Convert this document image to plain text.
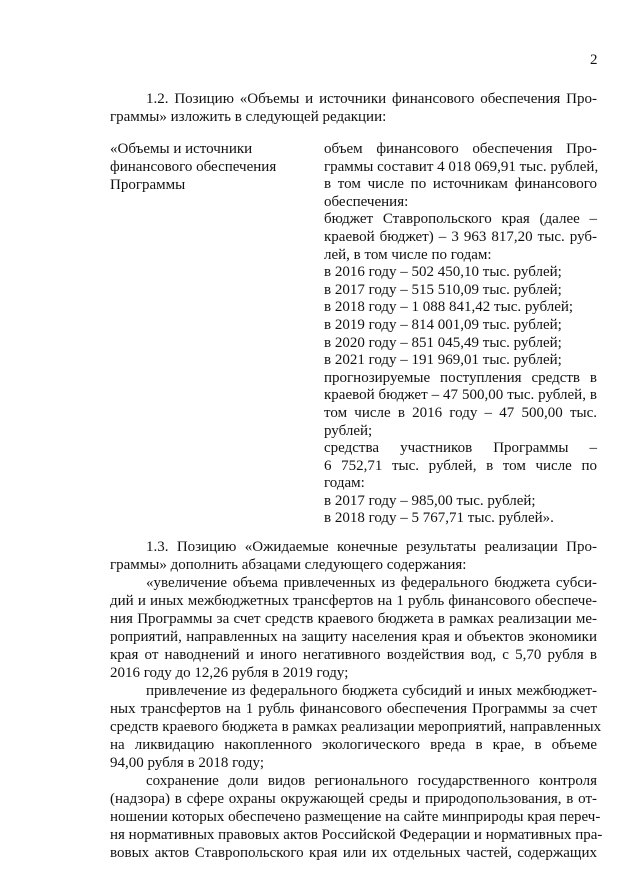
2
1.2. Позицию «Объемы и источники финансового обеспечения Про-
граммы» изложить в следующей редакции:
«Объемы и источники
финансового обеспечения
Программы
объем финансового обеспечения Про-
граммы составит 4 018 069,91 тыс. рублей,
в том числе по источникам финансового
обеспечения:
бюджет Ставропольского края (далее –
краевой бюджет) – 3 963 817,20 тыс. руб-
лей, в том числе по годам:
в 2016 году – 502 450,10 тыс. рублей;
в 2017 году – 515 510,09 тыс. рублей;
в 2018 году – 1 088 841,42 тыс. рублей;
в 2019 году – 814 001,09 тыс. рублей;
в 2020 году – 851 045,49 тыс. рублей;
в 2021 году – 191 969,01 тыс. рублей;
прогнозируемые поступления средств в
краевой бюджет – 47 500,00 тыс. рублей, в
том числе в 2016 году – 47 500,00 тыс.
рублей;
средства участников Программы –
6 752,71 тыс. рублей, в том числе по
годам:
в 2017 году – 985,00 тыс. рублей;
в 2018 году – 5 767,71 тыс. рублей».
1.3. Позицию «Ожидаемые конечные результаты реализации Про-
граммы» дополнить абзацами следующего содержания:
«увеличение объема привлеченных из федерального бюджета субси-
дий и иных межбюджетных трансфертов на 1 рубль финансового обеспече-
ния Программы за счет средств краевого бюджета в рамках реализации ме-
роприятий, направленных на защиту населения края и объектов экономики
края от наводнений и иного негативного воздействия вод, с 5,70 рубля в
2016 году до 12,26 рубля в 2019 году;
привлечение из федерального бюджета субсидий и иных межбюджет-
ных трансфертов на 1 рубль финансового обеспечения Программы за счет
средств краевого бюджета в рамках реализации мероприятий, направленных
на ликвидацию накопленного экологического вреда в крае, в объеме
94,00 рубля в 2018 году;
сохранение доли видов регионального государственного контроля
(надзора) в сфере охраны окружающей среды и природопользования, в от-
ношении которых обеспечено размещение на сайте минприроды края переч-
ня нормативных правовых актов Российской Федерации и нормативных пра-
вовых актов Ставропольского края или их отдельных частей, содержащих
